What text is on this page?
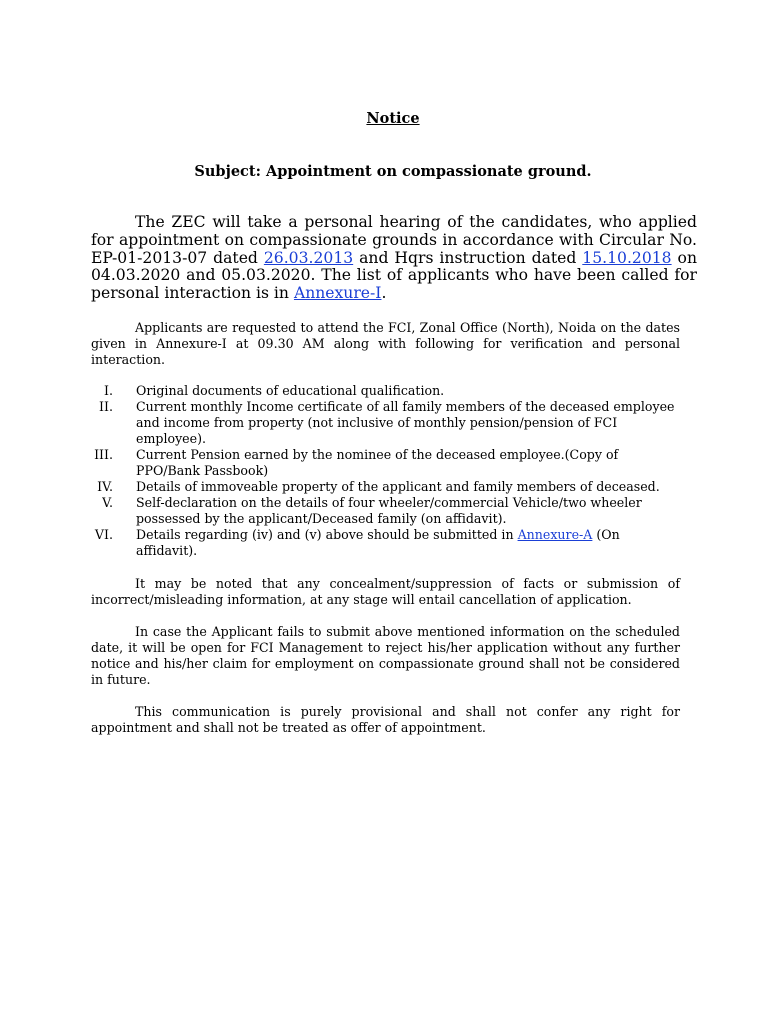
Notice
Subject: Appointment on compassionate ground.

The ZEC will take a personal hearing of the candidates, who applied for appointment on compassionate grounds in accordance with Circular No. EP-01-2013-07 dated 26.03.2013 and Hqrs instruction dated 15.10.2018 on 04.03.2020 and 05.03.2020. The list of applicants who have been called for personal interaction is in Annexure-I.

Applicants are requested to attend the FCI, Zonal Office (North), Noida on the dates given in Annexure-I at 09.30 AM along with following for verification and personal interaction.

I. Original documents of educational qualification.
II. Current monthly Income certificate of all family members of the deceased employee and income from property (not inclusive of monthly pension/pension of FCI employee).
III. Current Pension earned by the nominee of the deceased employee.(Copy of PPO/Bank Passbook)
IV. Details of immoveable property of the applicant and family members of deceased.
V. Self-declaration on the details of four wheeler/commercial Vehicle/two wheeler possessed by the applicant/Deceased family (on affidavit).
VI. Details regarding (iv) and (v) above should be submitted in Annexure-A (On affidavit).

It may be noted that any concealment/suppression of facts or submission of incorrect/misleading information, at any stage will entail cancellation of application.

In case the Applicant fails to submit above mentioned information on the scheduled date, it will be open for FCI Management to reject his/her application without any further notice and his/her claim for employment on compassionate ground shall not be considered in future.

This communication is purely provisional and shall not confer any right for appointment and shall not be treated as offer of appointment.
